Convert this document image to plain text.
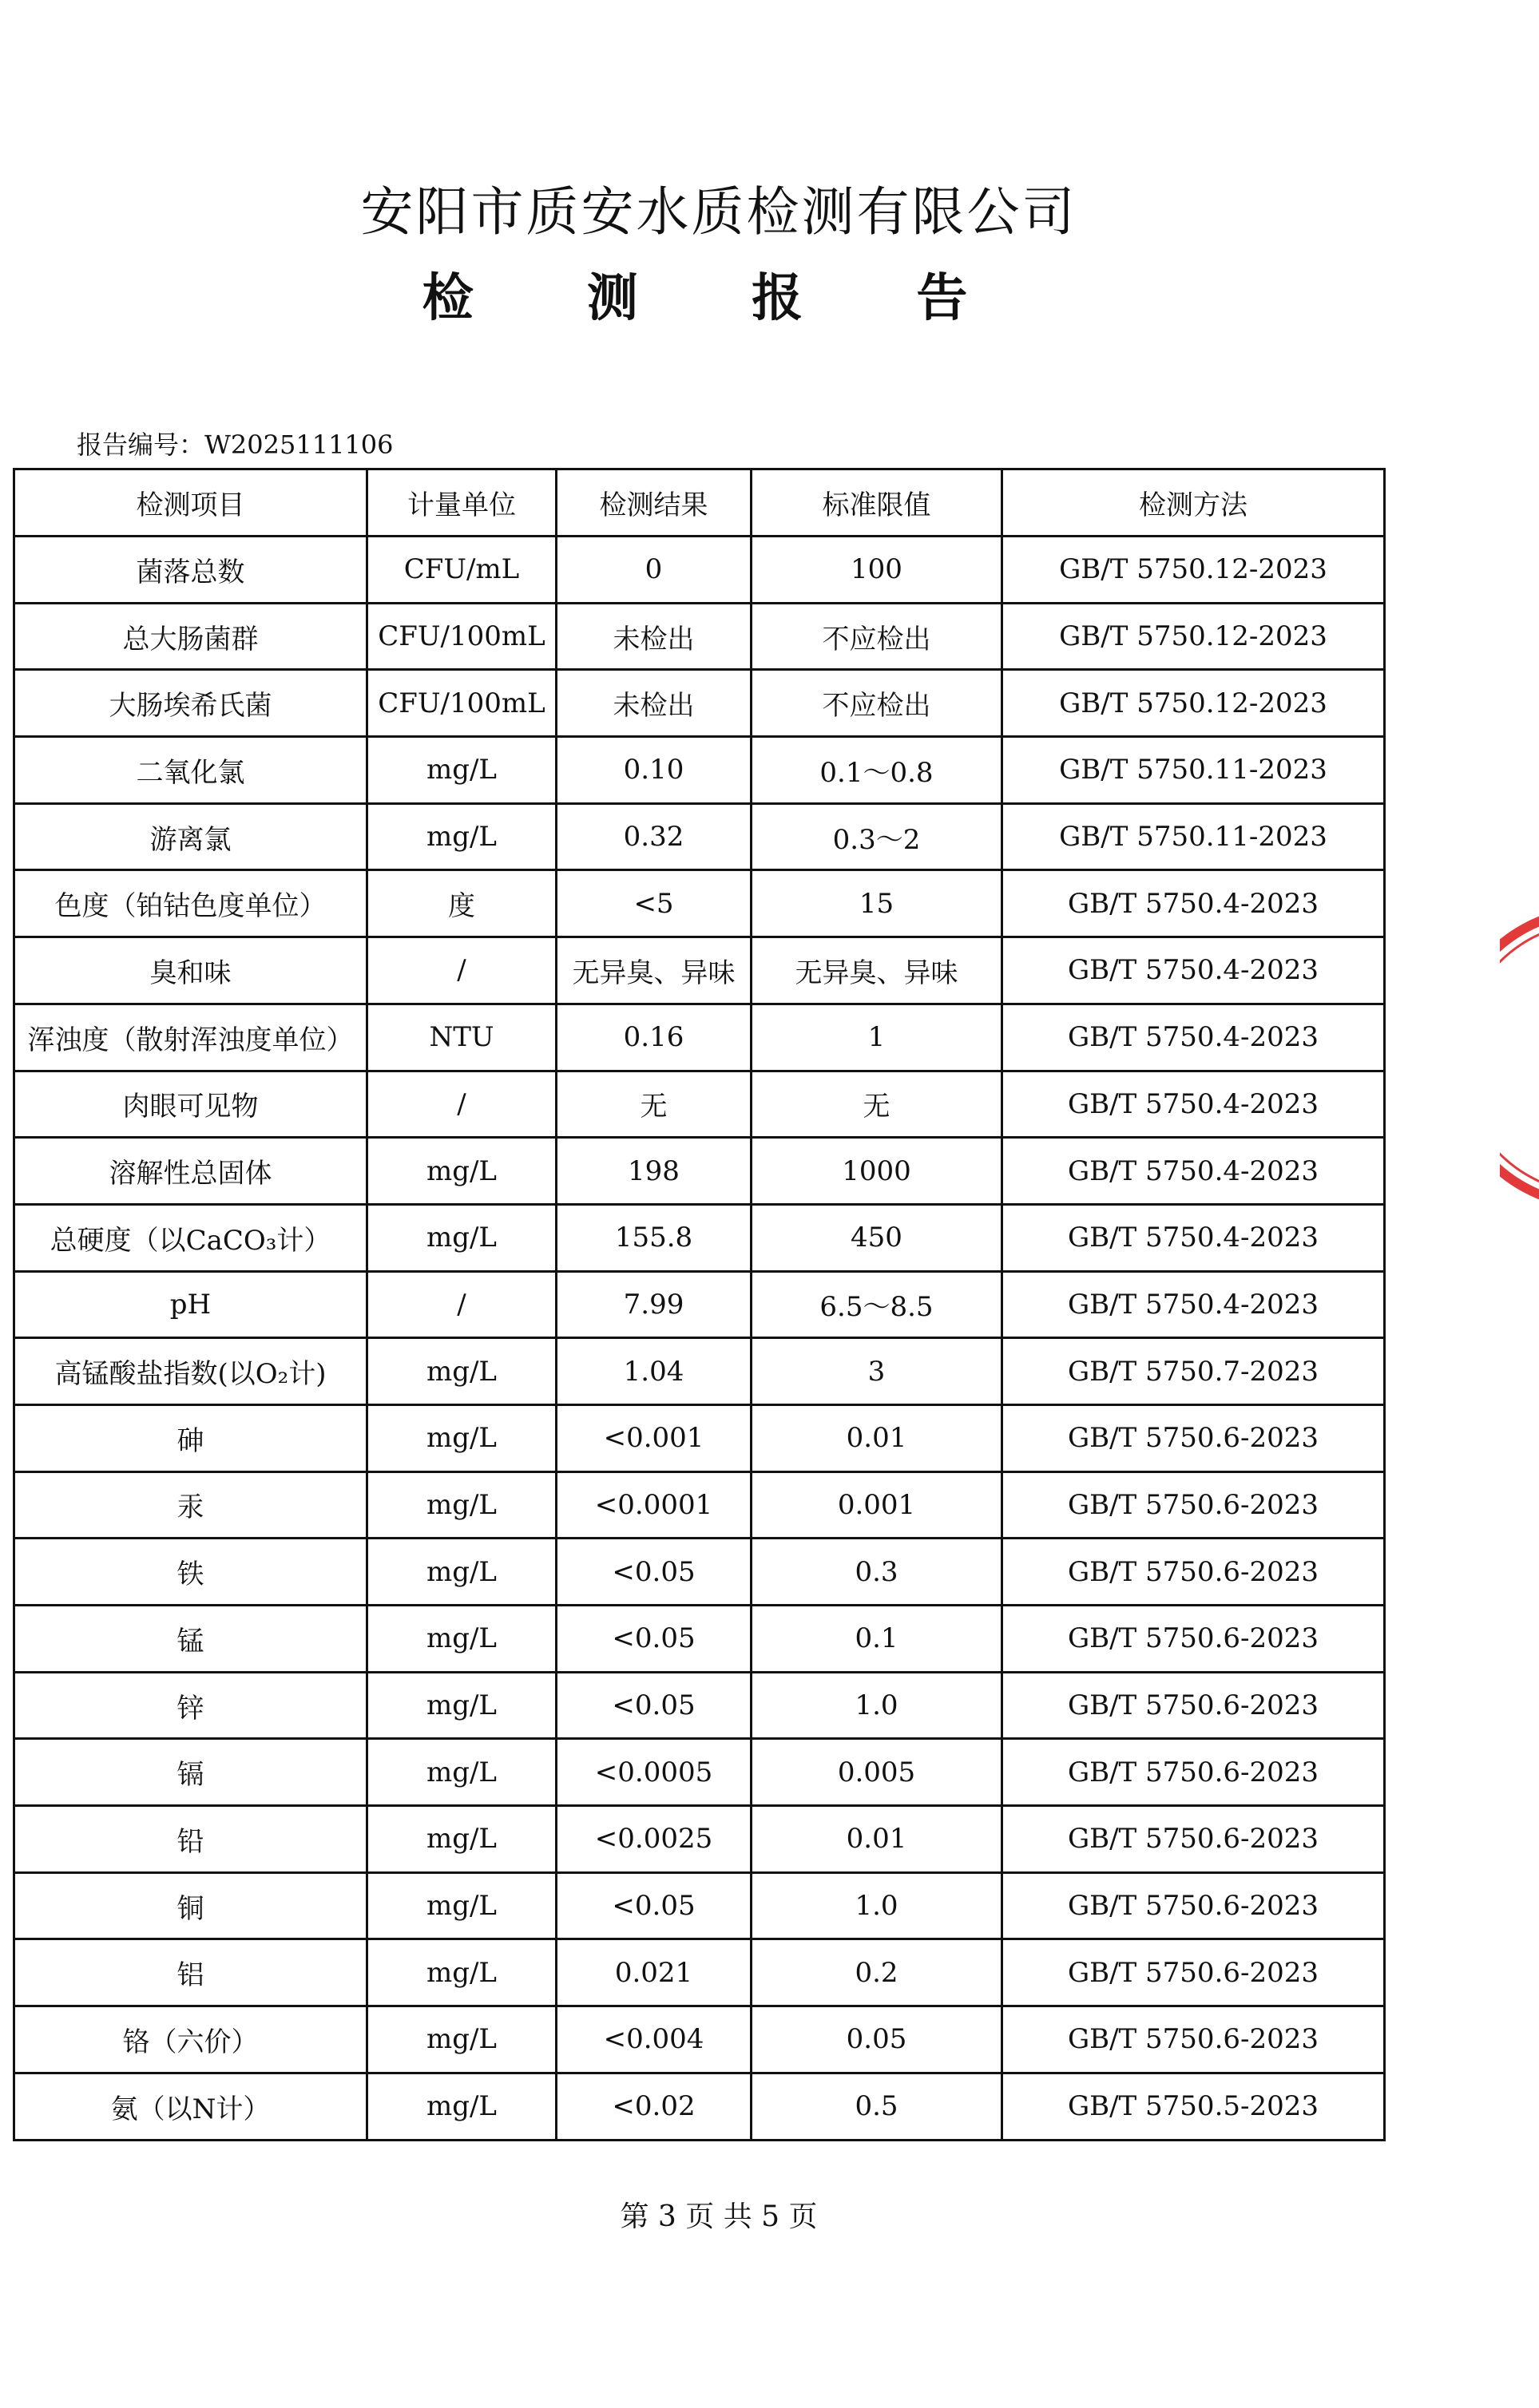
安阳市质安水质检测有限公司
检 测 报 告
报告编号：W2025111106
检测项目	计量单位	检测结果	标准限值	检测方法
菌落总数	CFU/mL	0	100	GB/T 5750.12-2023
总大肠菌群	CFU/100mL	未检出	不应检出	GB/T 5750.12-2023
大肠埃希氏菌	CFU/100mL	未检出	不应检出	GB/T 5750.12-2023
二氧化氯	mg/L	0.10	0.1～0.8	GB/T 5750.11-2023
游离氯	mg/L	0.32	0.3～2	GB/T 5750.11-2023
色度（铂钴色度单位）	度	<5	15	GB/T 5750.4-2023
臭和味	/	无异臭、异味	无异臭、异味	GB/T 5750.4-2023
浑浊度（散射浑浊度单位）	NTU	0.16	1	GB/T 5750.4-2023
肉眼可见物	/	无	无	GB/T 5750.4-2023
溶解性总固体	mg/L	198	1000	GB/T 5750.4-2023
总硬度（以CaCO₃计）	mg/L	155.8	450	GB/T 5750.4-2023
pH	/	7.99	6.5～8.5	GB/T 5750.4-2023
高锰酸盐指数(以O₂计)	mg/L	1.04	3	GB/T 5750.7-2023
砷	mg/L	<0.001	0.01	GB/T 5750.6-2023
汞	mg/L	<0.0001	0.001	GB/T 5750.6-2023
铁	mg/L	<0.05	0.3	GB/T 5750.6-2023
锰	mg/L	<0.05	0.1	GB/T 5750.6-2023
锌	mg/L	<0.05	1.0	GB/T 5750.6-2023
镉	mg/L	<0.0005	0.005	GB/T 5750.6-2023
铅	mg/L	<0.0025	0.01	GB/T 5750.6-2023
铜	mg/L	<0.05	1.0	GB/T 5750.6-2023
铝	mg/L	0.021	0.2	GB/T 5750.6-2023
铬（六价）	mg/L	<0.004	0.05	GB/T 5750.6-2023
氨（以N计）	mg/L	<0.02	0.5	GB/T 5750.5-2023
第 3 页 共 5 页
